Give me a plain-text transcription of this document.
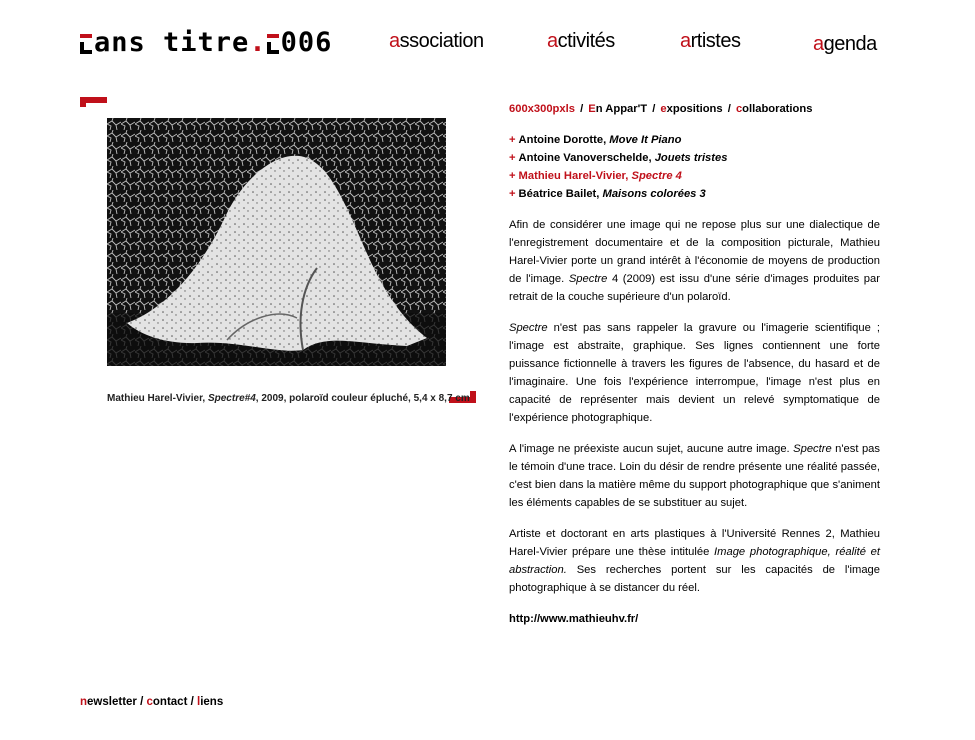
ans titre. 006	association	activités	artistes	agenda
Mathieu Harel-Vivier, Spectre#4, 2009, polaroïd couleur épluché, 5,4 x 8,7 cm
600x300pxls / En Appar'T / expositions / collaborations
+ Antoine Dorotte, Move It Piano
+ Antoine Vanoverschelde, Jouets tristes
+ Mathieu Harel-Vivier, Spectre 4
+ Béatrice Bailet, Maisons colorées 3

Afin de considérer une image qui ne repose plus sur une dialectique de l'enregistrement documentaire et de la composition picturale, Mathieu Harel-Vivier porte un grand intérêt à l'économie de moyens de production de l'image. Spectre 4 (2009) est issu d'une série d'images produites par retrait de la couche supérieure d'un polaroïd.

Spectre n'est pas sans rappeler la gravure ou l'imagerie scientifique ; l'image est abstraite, graphique. Ses lignes contiennent une forte puissance fictionnelle à travers les figures de l'absence, du hasard et de l'imaginaire. Une fois l'expérience interrompue, l'image n'est plus en capacité de représenter mais devient un relevé symptomatique de l'expérience photographique.

A l'image ne préexiste aucun sujet, aucune autre image. Spectre n'est pas le témoin d'une trace. Loin du désir de rendre présente une réalité passée, c'est bien dans la matière même du support photographique que s'animent les éléments capables de se substituer au sujet.

Artiste et doctorant en arts plastiques à l'Université Rennes 2, Mathieu Harel-Vivier prépare une thèse intitulée Image photographique, réalité et abstraction. Ses recherches portent sur les capacités de l'image photographique à se distancer du réel.

http://www.mathieuhv.fr/
newsletter / contact / liens
